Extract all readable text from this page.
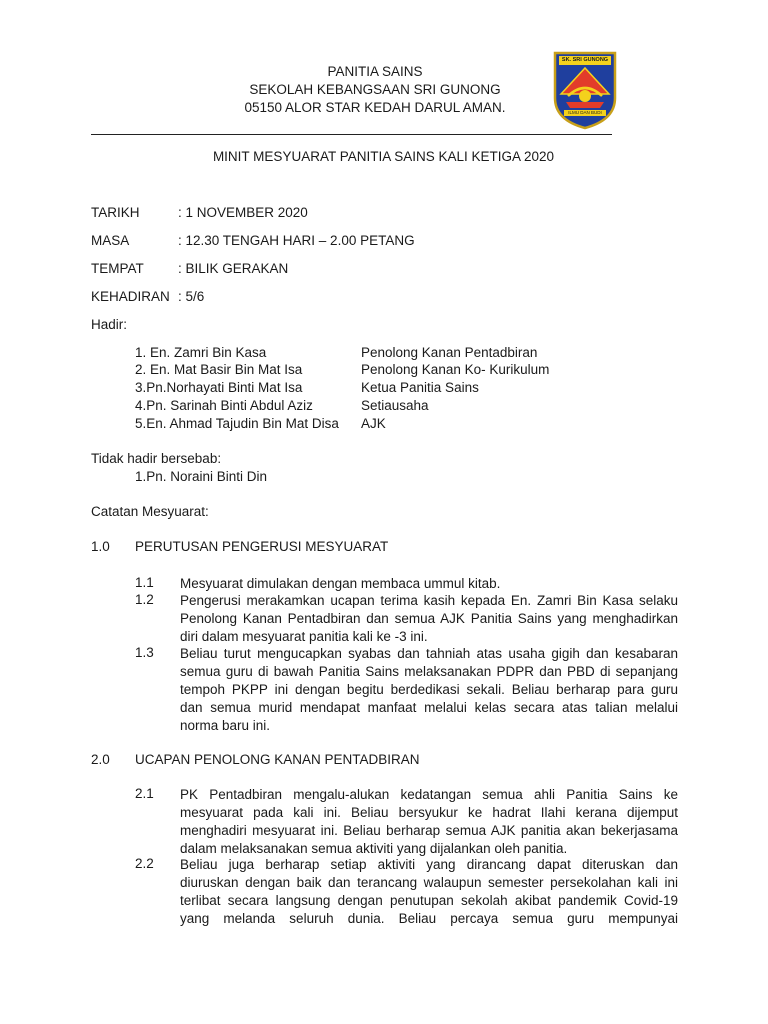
PANITIA SAINS
SEKOLAH KEBANGSAAN SRI GUNONG
05150 ALOR STAR KEDAH DARUL AMAN.
SK. SRI GUNONG
ILMU DAN BUDI
MINIT MESYUARAT PANITIA SAINS KALI KETIGA 2020
TARIKH	: 1 NOVEMBER 2020
MASA	: 12.30 TENGAH HARI – 2.00 PETANG
TEMPAT	: BILIK GERAKAN
KEHADIRAN : 5/6
Hadir:
1. En. Zamri Bin Kasa	Penolong Kanan Pentadbiran
2. En. Mat Basir Bin Mat Isa	Penolong Kanan Ko- Kurikulum
3.Pn.Norhayati Binti Mat Isa	Ketua Panitia Sains
4.Pn. Sarinah Binti Abdul Aziz	Setiausaha
5.En. Ahmad Tajudin Bin Mat Disa AJK
Tidak hadir bersebab:
1.Pn. Noraini Binti Din
Catatan Mesyuarat:
1.0 PERUTUSAN PENGERUSI MESYUARAT
1.1 Mesyuarat dimulakan dengan membaca ummul kitab.
1.2 Pengerusi merakamkan ucapan terima kasih kepada En. Zamri Bin Kasa selaku
Penolong Kanan Pentadbiran dan semua AJK Panitia Sains yang menghadirkan
diri dalam mesyuarat panitia kali ke -3 ini.
1.3 Beliau turut mengucapkan syabas dan tahniah atas usaha gigih dan kesabaran
semua guru di bawah Panitia Sains melaksanakan PDPR dan PBD di sepanjang
tempoh PKPP ini dengan begitu berdedikasi sekali. Beliau berharap para guru
dan semua murid mendapat manfaat melalui kelas secara atas talian melalui
norma baru ini.
2.0 UCAPAN PENOLONG KANAN PENTADBIRAN
2.1 PK Pentadbiran mengalu-alukan kedatangan semua ahli Panitia Sains ke
mesyuarat pada kali ini. Beliau bersyukur ke hadrat Ilahi kerana dijemput
menghadiri mesyuarat ini. Beliau berharap semua AJK panitia akan bekerjasama
dalam melaksanakan semua aktiviti yang dijalankan oleh panitia.
2.2 Beliau juga berharap setiap aktiviti yang dirancang dapat diteruskan dan
diuruskan dengan baik dan terancang walaupun semester persekolahan kali ini
terlibat secara langsung dengan penutupan sekolah akibat pandemik Covid-19
yang melanda seluruh dunia. Beliau percaya semua guru mempunyai
